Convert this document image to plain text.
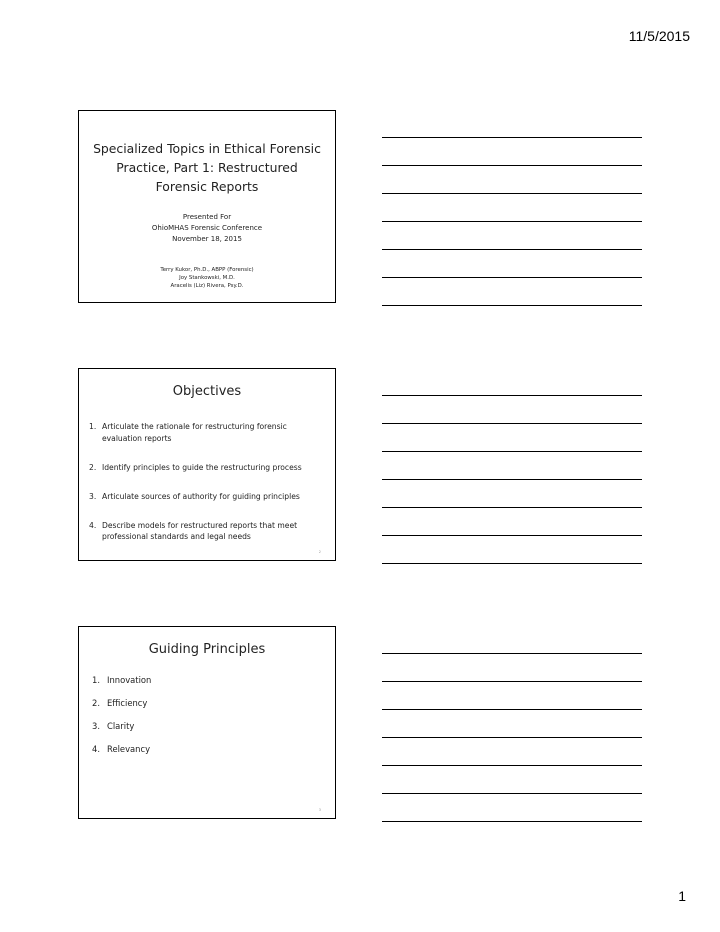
11/5/2015
Specialized Topics in Ethical Forensic
Practice, Part 1: Restructured
Forensic Reports
Presented For
OhioMHAS Forensic Conference
November 18, 2015
Terry Kukor, Ph.D., ABPP (Forensic)
Joy Stankowski, M.D.
Aracelis (Liz) Rivera, Psy.D.
Objectives
1. Articulate the rationale for restructuring forensic evaluation reports
2. Identify principles to guide the restructuring process
3. Articulate sources of authority for guiding principles
4. Describe models for restructured reports that meet professional standards and legal needs
2
Guiding Principles
1. Innovation
2. Efficiency
3. Clarity
4. Relevancy
3
1
